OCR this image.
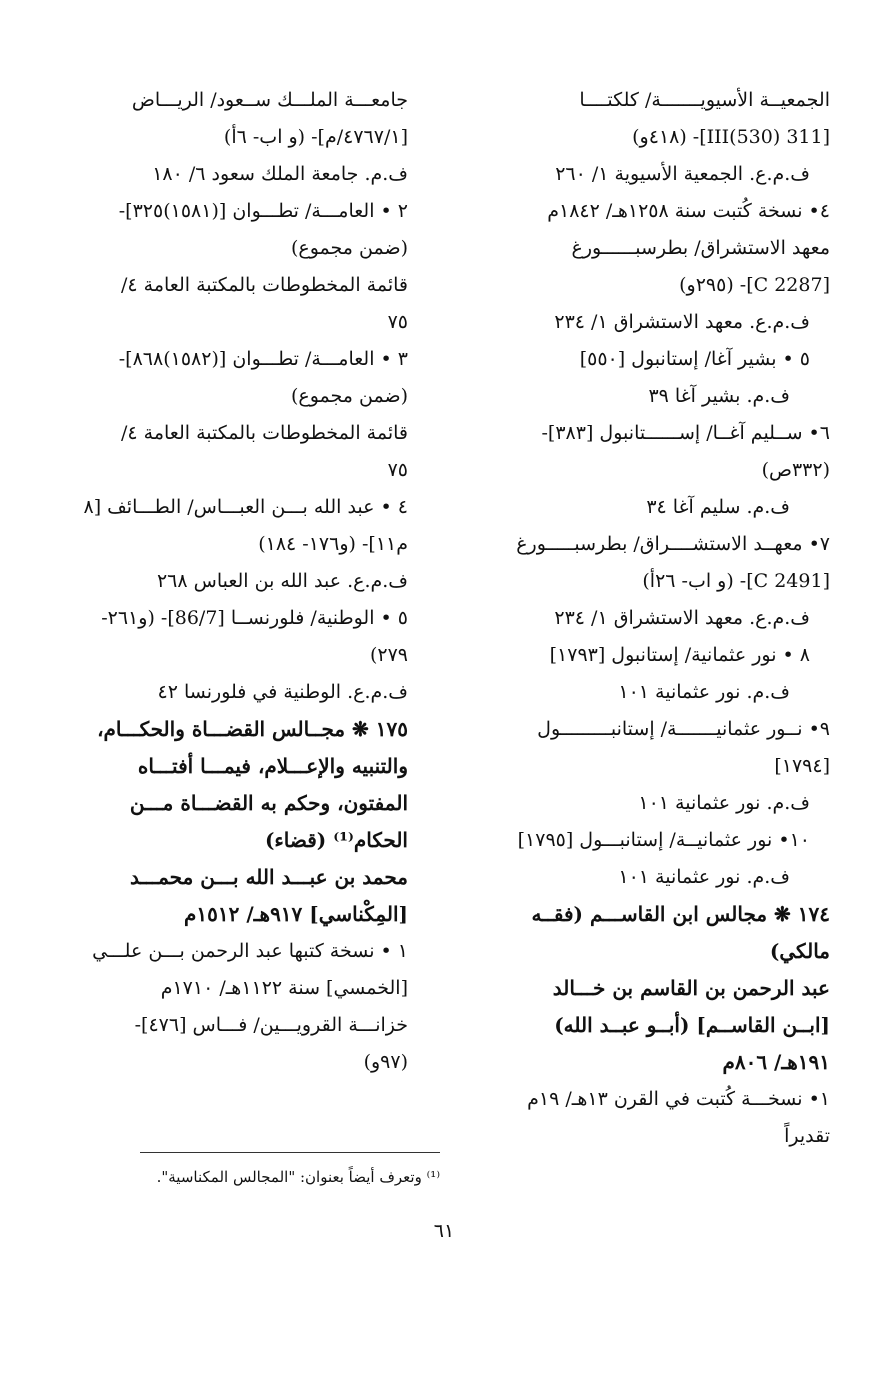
الجمعيــة الأسيويـــــــة/ كلكتــــا
[311 III(530)]- (٤١٨و)
ف.م.ع. الجمعية الأسيوية ١/ ٢٦٠
٤• نسخة كُتبت سنة ١٢٥٨هـ/ ١٨٤٢م
معهد الاستشراق/ بطرسبــــــورغ
[C 2287]- (٢٩٥و)
ف.م.ع. معهد الاستشراق ١/ ٢٣٤
٥ • بشير آغا/ إستانبول [٥٥٠]
ف.م. بشير آغا ٣٩
٦• ســليم آغــا/ إســــــتانبول [٣٨٣]-
(٣٣٢ص)
ف.م. سليم آغا ٣٤
٧• معهــد الاستشــــراق/ بطرسبـــــورغ
[C 2491]- (و اب- ٢٦أ)
ف.م.ع. معهد الاستشراق ١/ ٢٣٤
٨ • نور عثمانية/ إستانبول [١٧٩٣]
ف.م. نور عثمانية ١٠١
٩• نــور عثمانيـــــــة/ إستانبـــــــــول
[١٧٩٤]
ف.م. نور عثمانية ١٠١
١٠• نور عثمانيــة/ إستانبـــول [١٧٩٥]
ف.م. نور عثمانية ١٠١
١٧٤ ❋ مجالس ابن القاســـم (فقــه
مالكي)
عبد الرحمن بن القاسم بن خـــالد
[ابــن القاســم] (أبــو عبــد الله)
١٩١هـ/ ٨٠٦م
١• نسخـــة كُتبت في القرن ١٣هـ/ ١٩م
تقديراً
جامعـــة الملـــك ســعود/ الريـــاض
[٤٧٦٧/١/م]- (و اب- ٦أ)
ف.م. جامعة الملك سعود ٦/ ١٨٠
٢ • العامـــة/ تطـــوان [(١٥٨١)٣٢٥]-
(ضمن مجموع)
قائمة المخطوطات بالمكتبة العامة ٤/
٧٥
٣ • العامـــة/ تطـــوان [(١٥٨٢)٨٦٨]-
(ضمن مجموع)
قائمة المخطوطات بالمكتبة العامة ٤/
٧٥
٤ • عبد الله بـــن العبـــاس/ الطـــائف [٨
م١١]- (و١٧٦- ١٨٤)
ف.م.ع. عبد الله بن العباس ٢٦٨
٥ • الوطنية/ فلورنســا [86/7]- (و٢٦١-
٢٧٩)
ف.م.ع. الوطنية في فلورنسا ٤٢
١٧٥ ❋ مجــالس القضـــاة والحكـــام،
والتنبيه والإعـــلام، فيمـــا أفتـــاه
المفتون، وحكم به القضـــاة مـــن
الحكام⁽¹⁾ (قضاء)
محمد بن عبـــد الله بـــن محمـــد
[المِكْناسي] ٩١٧هـ/ ١٥١٢م
١ • نسخة كتبها عبد الرحمن بـــن علـــي
[الخمسي] سنة ١١٢٢هـ/ ١٧١٠م
خزانـــة القرويـــين/ فـــاس [٤٧٦]-
(٩٧و)
⁽¹⁾ وتعرف أيضاً بعنوان: "المجالس المكناسية".
٦١
